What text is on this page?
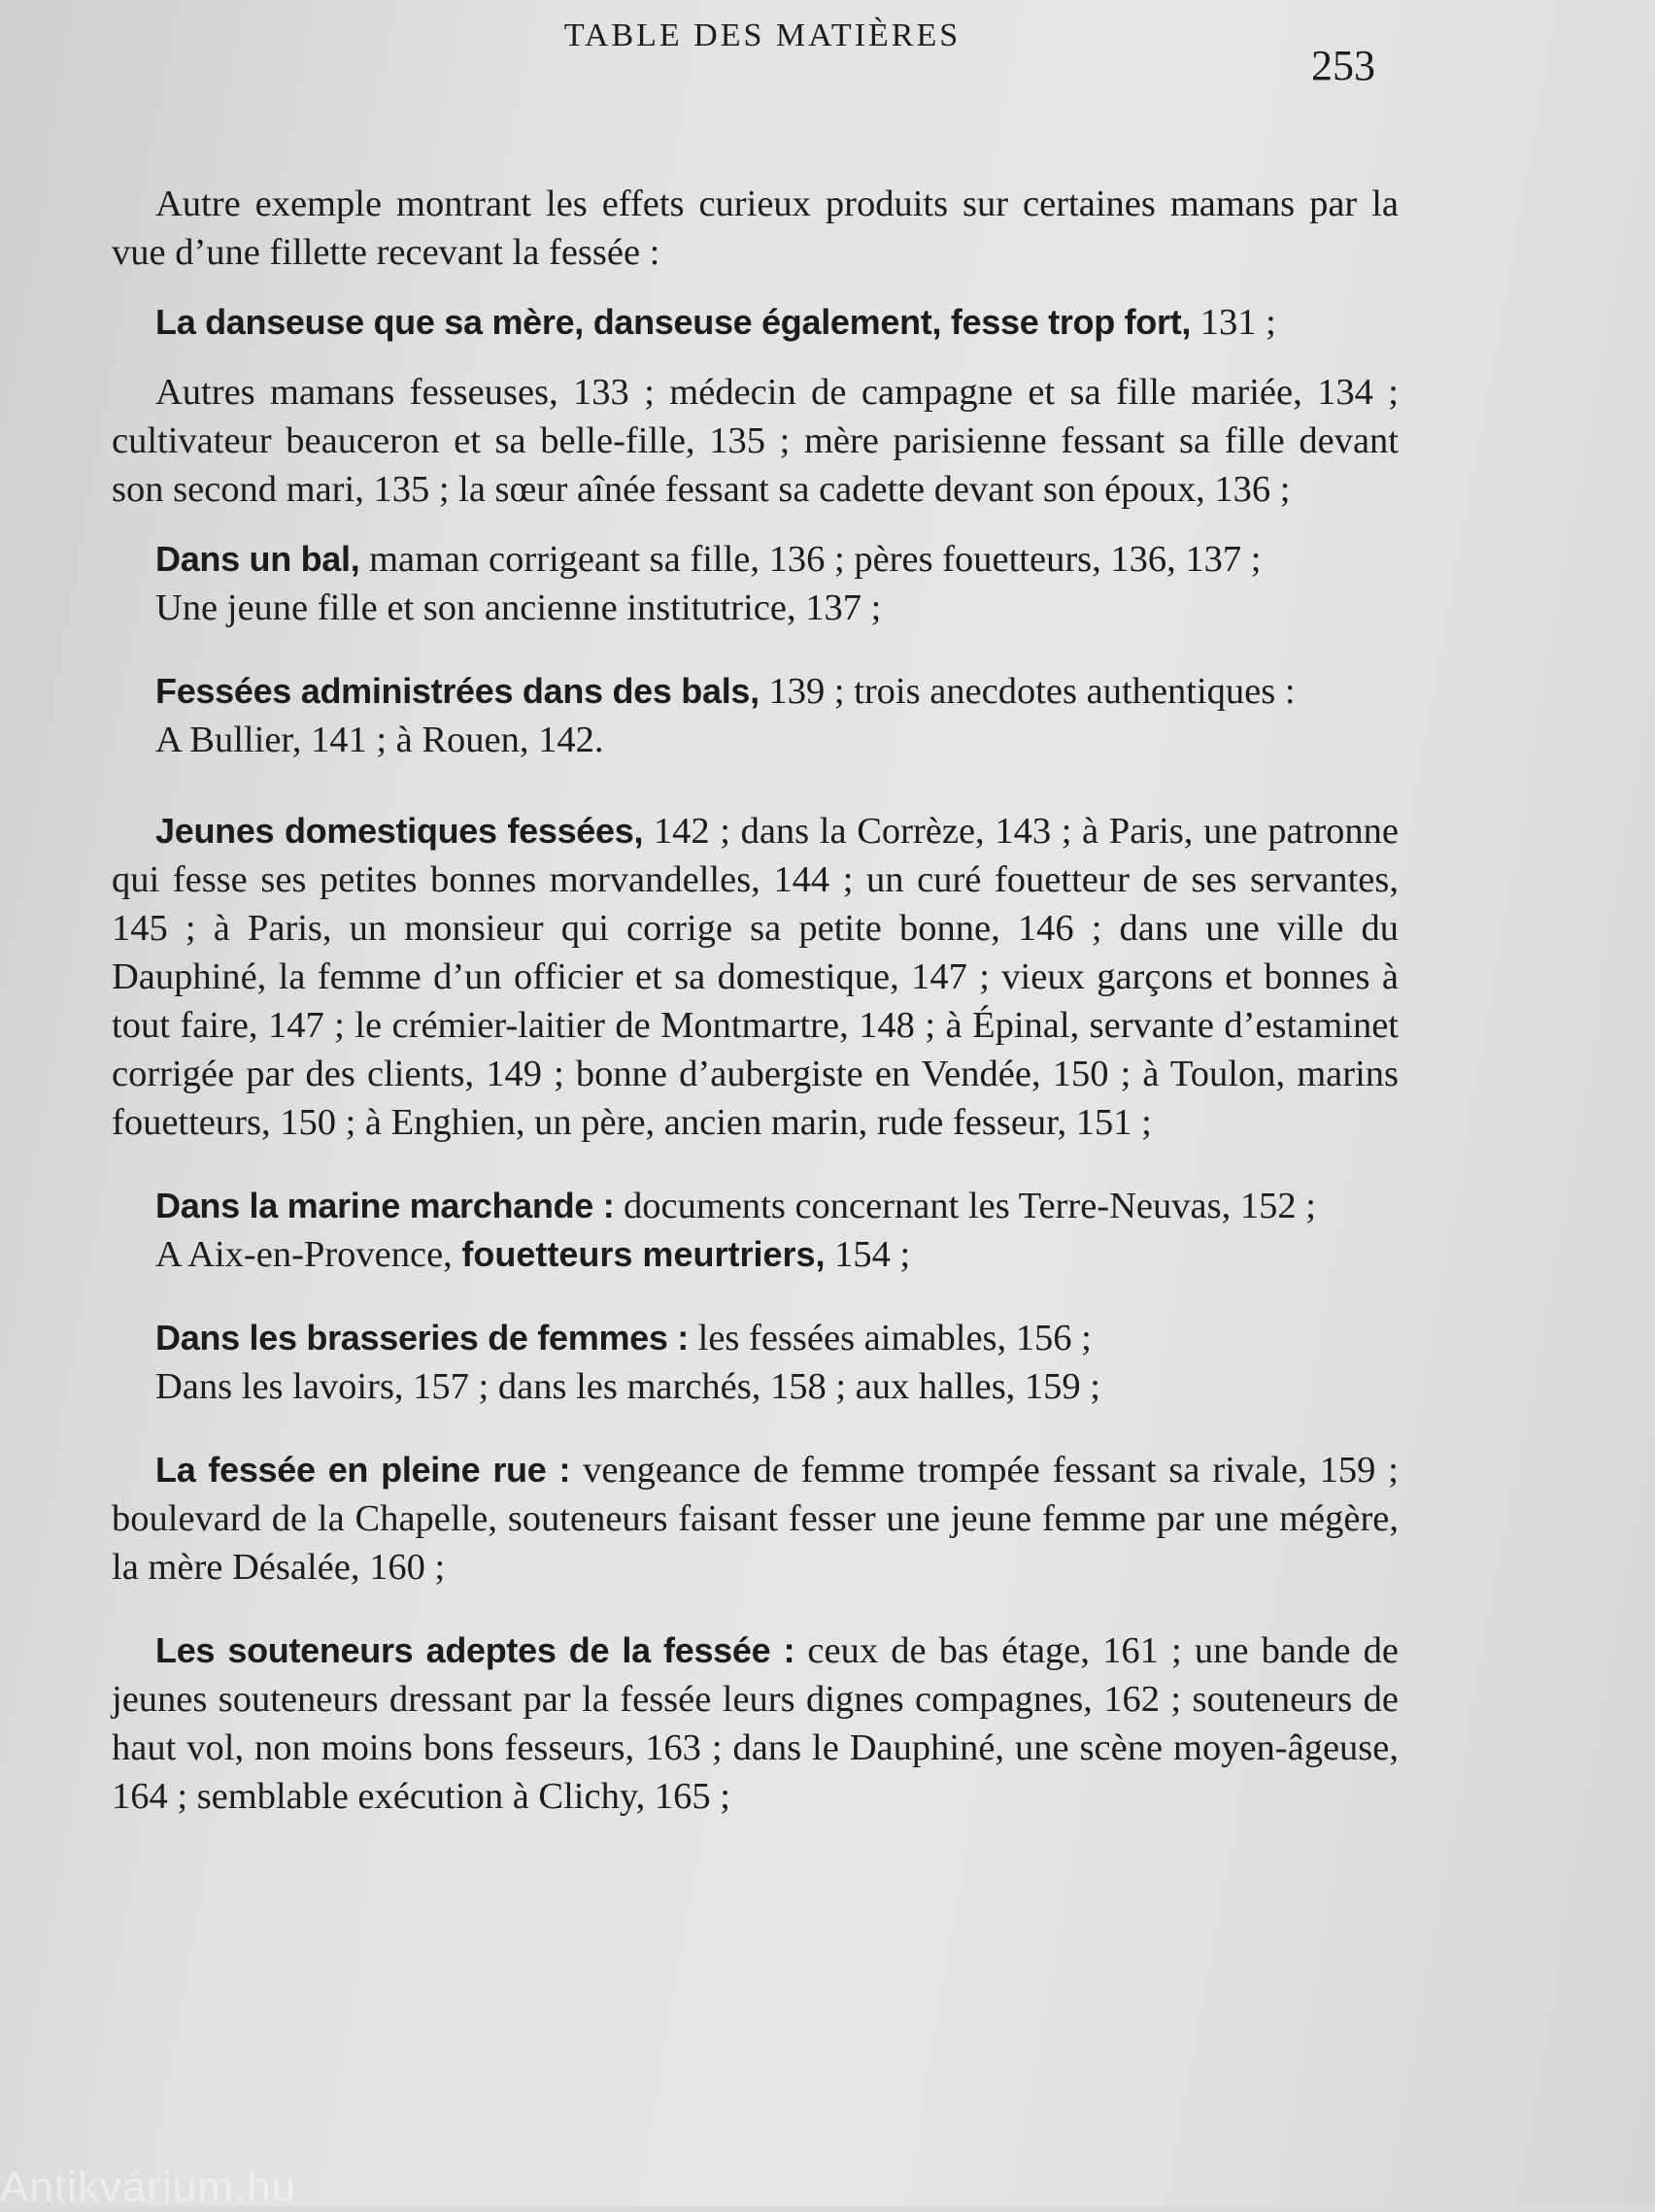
TABLE DES MATIÈRES
253

Autre exemple montrant les effets curieux produits sur certaines mamans par la vue d’une fillette recevant la fessée :

La danseuse que sa mère, danseuse également, fesse trop fort, 131 ;

Autres mamans fesseuses, 133 ; médecin de campagne et sa fille mariée, 134 ; cultivateur beauceron et sa belle-fille, 135 ; mère parisienne fessant sa fille devant son second mari, 135 ; la sœur aînée fessant sa cadette devant son époux, 136 ;

Dans un bal, maman corrigeant sa fille, 136 ; pères fouetteurs, 136, 137 ;

Une jeune fille et son ancienne institutrice, 137 ;

Fessées administrées dans des bals, 139 ; trois anecdotes authentiques :

A Bullier, 141 ; à Rouen, 142.

Jeunes domestiques fessées, 142 ; dans la Corrèze, 143 ; à Paris, une patronne qui fesse ses petites bonnes morvandelles, 144 ; un curé fouetteur de ses servantes, 145 ; à Paris, un monsieur qui corrige sa petite bonne, 146 ; dans une ville du Dauphiné, la femme d’un officier et sa domestique, 147 ; vieux garçons et bonnes à tout faire, 147 ; le crémier-laitier de Montmartre, 148 ; à Épinal, servante d’estaminet corrigée par des clients, 149 ; bonne d’aubergiste en Vendée, 150 ; à Toulon, marins fouetteurs, 150 ; à Enghien, un père, ancien marin, rude fesseur, 151 ;

Dans la marine marchande : documents concernant les Terre-Neuvas, 152 ;

A Aix-en-Provence, fouetteurs meurtriers, 154 ;

Dans les brasseries de femmes : les fessées aimables, 156 ;

Dans les lavoirs, 157 ; dans les marchés, 158 ; aux halles, 159 ;

La fessée en pleine rue : vengeance de femme trompée fessant sa rivale, 159 ; boulevard de la Chapelle, souteneurs faisant fesser une jeune femme par une mégère, la mère Désalée, 160 ;

Les souteneurs adeptes de la fessée : ceux de bas étage, 161 ; une bande de jeunes souteneurs dressant par la fessée leurs dignes compagnes, 162 ; souteneurs de haut vol, non moins bons fesseurs, 163 ; dans le Dauphiné, une scène moyen-âgeuse, 164 ; semblable exécution à Clichy, 165 ;

Antikvárium.hu
